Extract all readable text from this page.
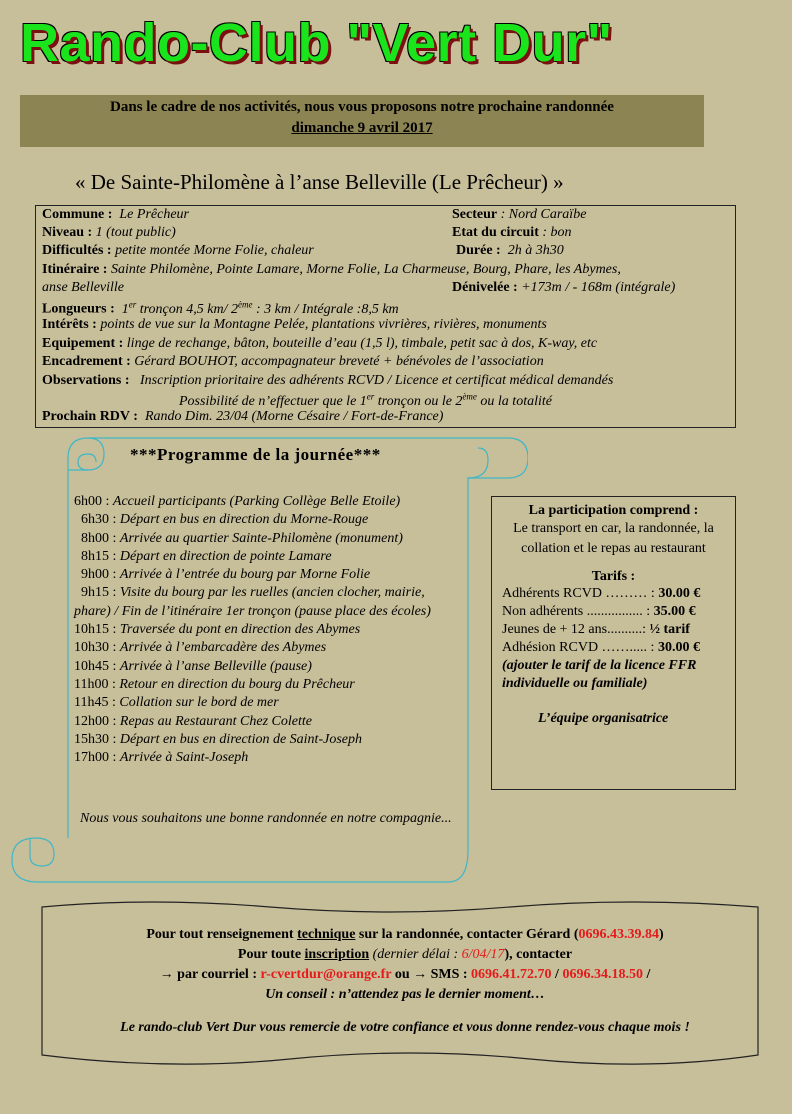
Rando-Club "Vert Dur"
Dans le cadre de nos activités, nous vous proposons notre prochaine randonnée
dimanche 9 avril 2017
« De Sainte-Philomène à l’anse Belleville (Le Prêcheur) »
Commune : Le Prêcheur	Secteur : Nord Caraïbe
Niveau : 1 (tout public)	Etat du circuit : bon
Difficultés : petite montée Morne Folie, chaleur	Durée : 2h à 3h30
Itinéraire : Sainte Philomène, Pointe Lamare, Morne Folie, La Charmeuse, Bourg, Phare, les Abymes,
anse Belleville	Dénivelée : +173m / - 168m (intégrale)
Longueurs : 1er tronçon 4,5 km/ 2ème : 3 km / Intégrale :8,5 km
Intérêts : points de vue sur la Montagne Pelée, plantations vivrières, rivières, monuments
Equipement : linge de rechange, bâton, bouteille d’eau (1,5 l), timbale, petit sac à dos, K-way, etc
Encadrement : Gérard BOUHOT, accompagnateur breveté + bénévoles de l’association
Observations : Inscription prioritaire des adhérents RCVD / Licence et certificat médical demandés
Possibilité de n’effectuer que le 1er tronçon ou le 2ème ou la totalité
Prochain RDV : Rando Dim. 23/04 (Morne Césaire / Fort-de-France)
***Programme de la journée***
6h00 : Accueil participants (Parking Collège Belle Etoile)
6h30 : Départ en bus en direction du Morne-Rouge
8h00 : Arrivée au quartier Sainte-Philomène (monument)
8h15 : Départ en direction de pointe Lamare
9h00 : Arrivée à l’entrée du bourg par Morne Folie
9h15 : Visite du bourg par les ruelles (ancien clocher, mairie, phare) / Fin de l’itinéraire 1er tronçon (pause place des écoles)
10h15 : Traversée du pont en direction des Abymes
10h30 : Arrivée à l’embarcadère des Abymes
10h45 : Arrivée à l’anse Belleville (pause)
11h00 : Retour en direction du bourg du Prêcheur
11h45 : Collation sur le bord de mer
12h00 : Repas au Restaurant Chez Colette
15h30 : Départ en bus en direction de Saint-Joseph
17h00 : Arrivée à Saint-Joseph
Nous vous souhaitons une bonne randonnée en notre compagnie...
La participation comprend :
Le transport en car, la randonnée, la collation et le repas au restaurant
Tarifs :
Adhérents RCVD ……… : 30.00 €
Non adhérents ................ : 35.00 €
Jeunes de + 12 ans..........: ½ tarif
Adhésion RCVD ……..... : 30.00 €
(ajouter le tarif de la licence FFR individuelle ou familiale)
L’équipe organisatrice
Pour tout renseignement technique sur la randonnée, contacter Gérard (0696.43.39.84)
Pour toute inscription (dernier délai : 6/04/17), contacter
→ par courriel : r-cvertdur@orange.fr ou → SMS : 0696.41.72.70 / 0696.34.18.50 /
Un conseil : n’attendez pas le dernier moment…
Le rando-club Vert Dur vous remercie de votre confiance et vous donne rendez-vous chaque mois !
